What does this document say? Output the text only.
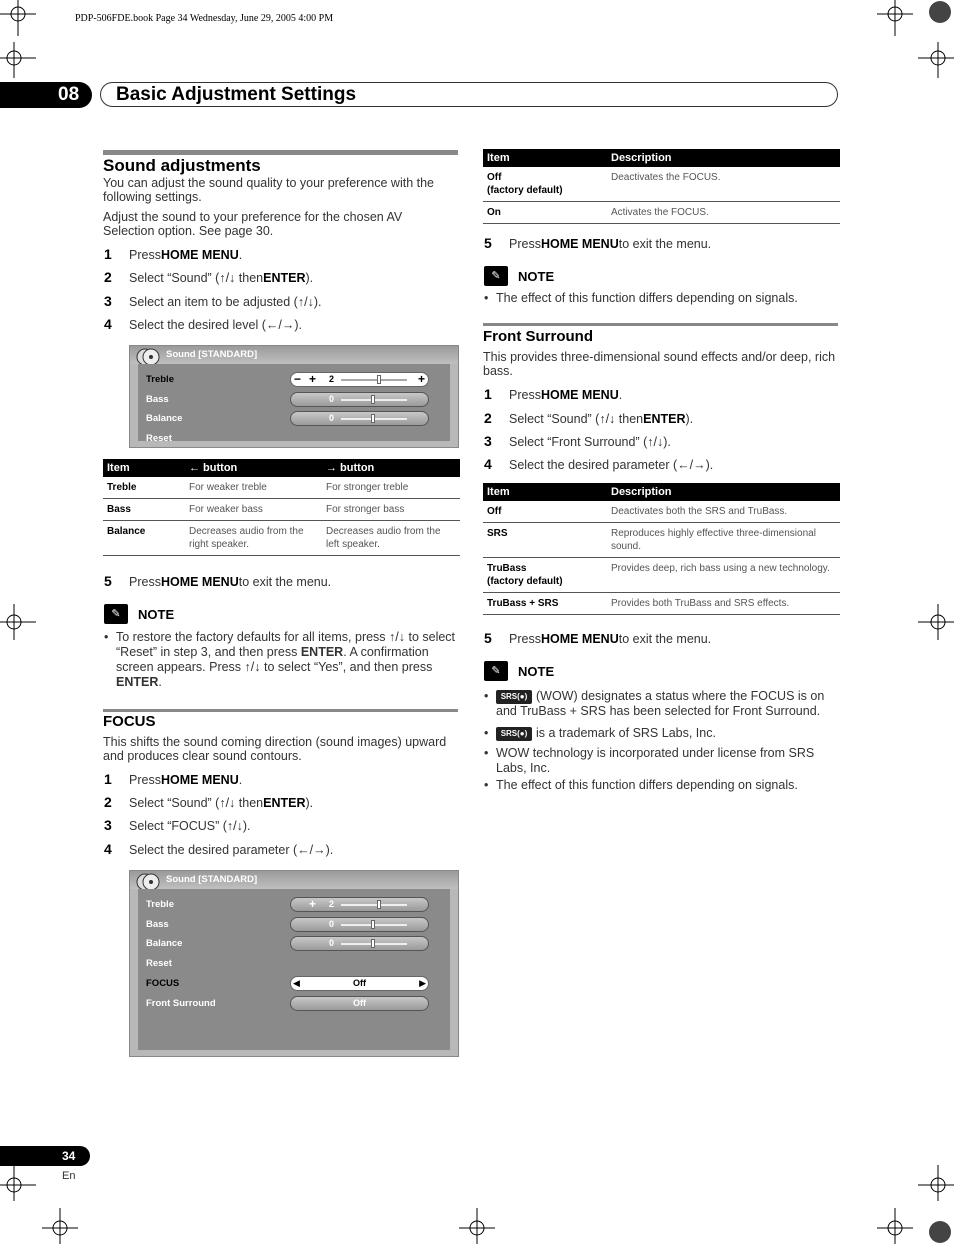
PDP-506FDE.book Page 34 Wednesday, June 29, 2005 4:00 PM
08	Basic Adjustment Settings
Sound adjustments

You can adjust the sound quality to your preference with the following settings.

Adjust the sound to your preference for the chosen AV Selection option. See page 30.

1	Press HOME MENU .
2	Select “Sound” (↑/↓ then ENTER ).
3	Select an item to be adjusted (↑/↓).
4	Select the desired level (←/→).
Sound [STANDARD]
Treble	− + 2	+
Bass	0
Balance	0
Reset
Item	← button	→ button
Treble	For weaker treble	For stronger treble
Bass	For weaker bass	For stronger bass
Balance	Decreases audio from the right speaker.	Decreases audio from the left speaker.
5	Press HOME MENU to exit the menu.
✎	NOTE
• To restore the factory defaults for all items, press ↑/↓ to select “Reset” in step 3, and then press ENTER. A confirmation screen appears. Press ↑/↓ to select “Yes”, and then press ENTER.
FOCUS

This shifts the sound coming direction (sound images) upward and produces clear sound contours.

1	Press HOME MENU .
2	Select “Sound” (↑/↓ then ENTER ).
3	Select “FOCUS” (↑/↓).
4	Select the desired parameter (←/→).
Sound [STANDARD]
Treble	+ 2
Bass	0
Balance	0
Reset
FOCUS	◀	Off	▶
Front Surround	Off
Item	Description
Off
(factory default)	Deactivates the FOCUS.
On	Activates the FOCUS.
5	Press HOME MENU to exit the menu.
✎	NOTE
• The effect of this function differs depending on signals.
Front Surround

This provides three-dimensional sound effects and/or deep, rich bass.

1	Press HOME MENU .
2	Select “Sound” (↑/↓ then ENTER ).
3	Select “Front Surround” (↑/↓).
4	Select the desired parameter (←/→).
Item	Description
Off	Deactivates both the SRS and TruBass.
SRS	Reproduces highly effective three-dimensional sound.
TruBass
(factory default)	Provides deep, rich bass using a new technology.
TruBass + SRS	Provides both TruBass and SRS effects.
5	Press HOME MENU to exit the menu.
✎	NOTE
•	SRS(●) (WOW) designates a status where the FOCUS is on and TruBass + SRS has been selected for Front Surround.
•	SRS(●) is a trademark of SRS Labs, Inc.
• WOW technology is incorporated under license from SRS Labs, Inc.
• The effect of this function differs depending on signals.
34
En
